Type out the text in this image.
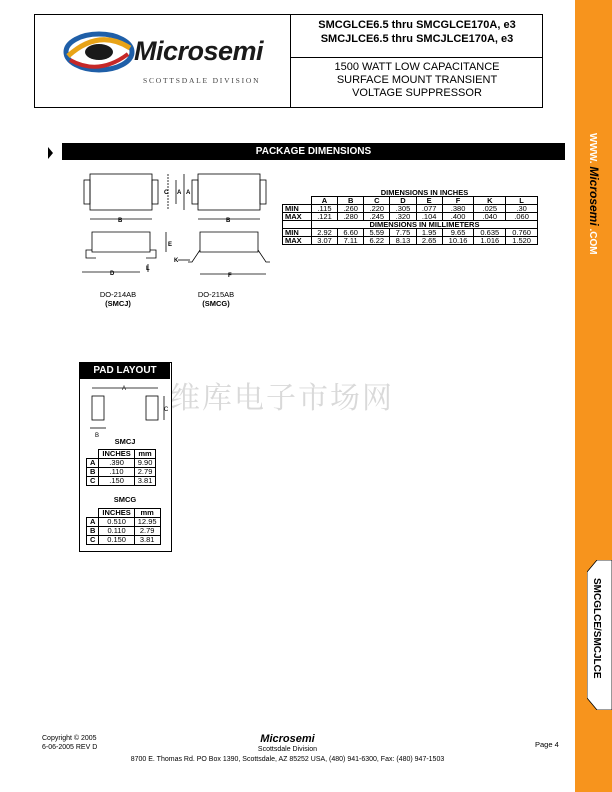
WWW. Microsemi .COM
SMCGLCE/SMCJLCE
Microsemi
SCOTTSDALE DIVISION
SMCGLCE6.5 thru SMCGLCE170A, e3
SMCJLCE6.5 thru SMCJLCE170A, e3
1500 WATT LOW CAPACITANCE
SURFACE MOUNT TRANSIENT
VOLTAGE SUPPRESSOR
PACKAGE DIMENSIONS
A
C	A
B	B
E
L
D
K
F
DO-214AB
(SMCJ)
DO-215AB
(SMCG)
	DIMENSIONS IN INCHES							
	A	B	C	D	E	F	K	L
MIN	.115	.260	.220	.305	.077	.380	.025	.30
MAX	.121	.280	.245	.320	.104	.400	.040	.060
	DIMENSIONS IN MILLIMETERS							
MIN	2.92	6.60	5.59	7.75	1.95	9.65	0.635	0.760
MAX	3.07	7.11	6.22	8.13	2.65	10.16	1.016	1.520
维库电子市场网
PAD LAYOUT
A
C
B
SMCJ
	INCHES	mm
A	.390	9.90
B	.110	2.79
C	.150	3.81
SMCG
	INCHES	mm
A	0.510	12.95
B	0.110	2.79
C	0.150	3.81
Copyright © 2005
6-06-2005 REV D
Microsemi
Scottsdale Division
8700 E. Thomas Rd. PO Box 1390, Scottsdale, AZ 85252 USA, (480) 941-6300, Fax: (480) 947-1503
Page 4
